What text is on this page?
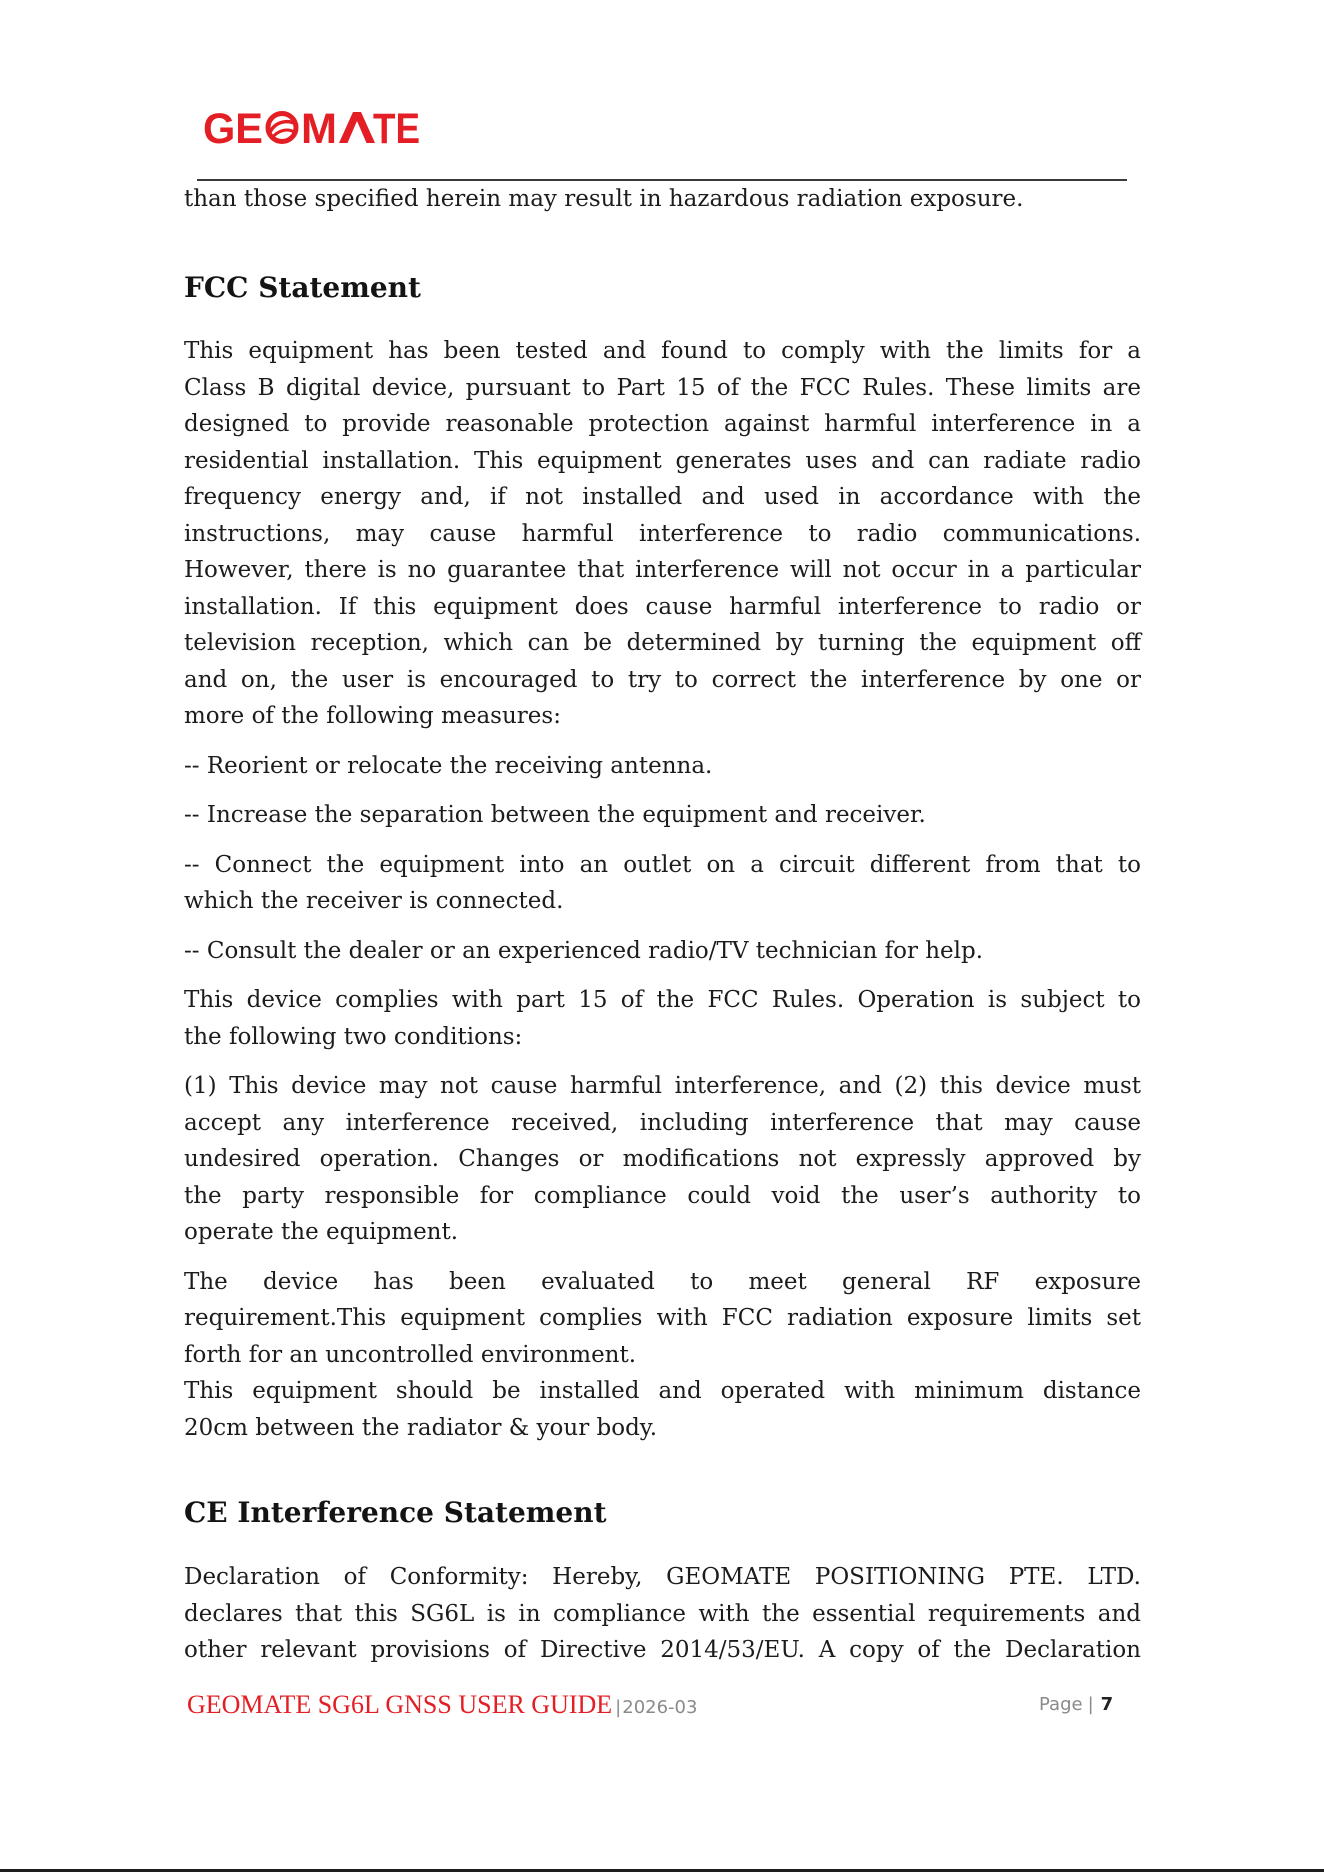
GE M TE
than those specified herein may result in hazardous radiation exposure.
FCC Statement
This equipment has been tested and found to comply with the limits for a
Class B digital device, pursuant to Part 15 of the FCC Rules. These limits are
designed to provide reasonable protection against harmful interference in a
residential installation. This equipment generates uses and can radiate radio
frequency energy and, if not installed and used in accordance with the
instructions, may cause harmful interference to radio communications.
However, there is no guarantee that interference will not occur in a particular
installation. If this equipment does cause harmful interference to radio or
television reception, which can be determined by turning the equipment off
and on, the user is encouraged to try to correct the interference by one or
more of the following measures:
-- Reorient or relocate the receiving antenna.
-- Increase the separation between the equipment and receiver.
-- Connect the equipment into an outlet on a circuit different from that to
which the receiver is connected.
-- Consult the dealer or an experienced radio/TV technician for help.
This device complies with part 15 of the FCC Rules. Operation is subject to
the following two conditions:
(1) This device may not cause harmful interference, and (2) this device must
accept any interference received, including interference that may cause
undesired operation. Changes or modifications not expressly approved by
the party responsible for compliance could void the user’s authority to
operate the equipment.
The device has been evaluated to meet general RF exposure
requirement.This equipment complies with FCC radiation exposure limits set
forth for an uncontrolled environment.
This equipment should be installed and operated with minimum distance
20cm between the radiator & your body.
CE Interference Statement
Declaration of Conformity: Hereby, GEOMATE POSITIONING PTE. LTD.
declares that this SG6L is in compliance with the essential requirements and
other relevant provisions of Directive 2014/53/EU. A copy of the Declaration
GEOMATE SG6L GNSS USER GUIDE |2026-03	Page | 7
